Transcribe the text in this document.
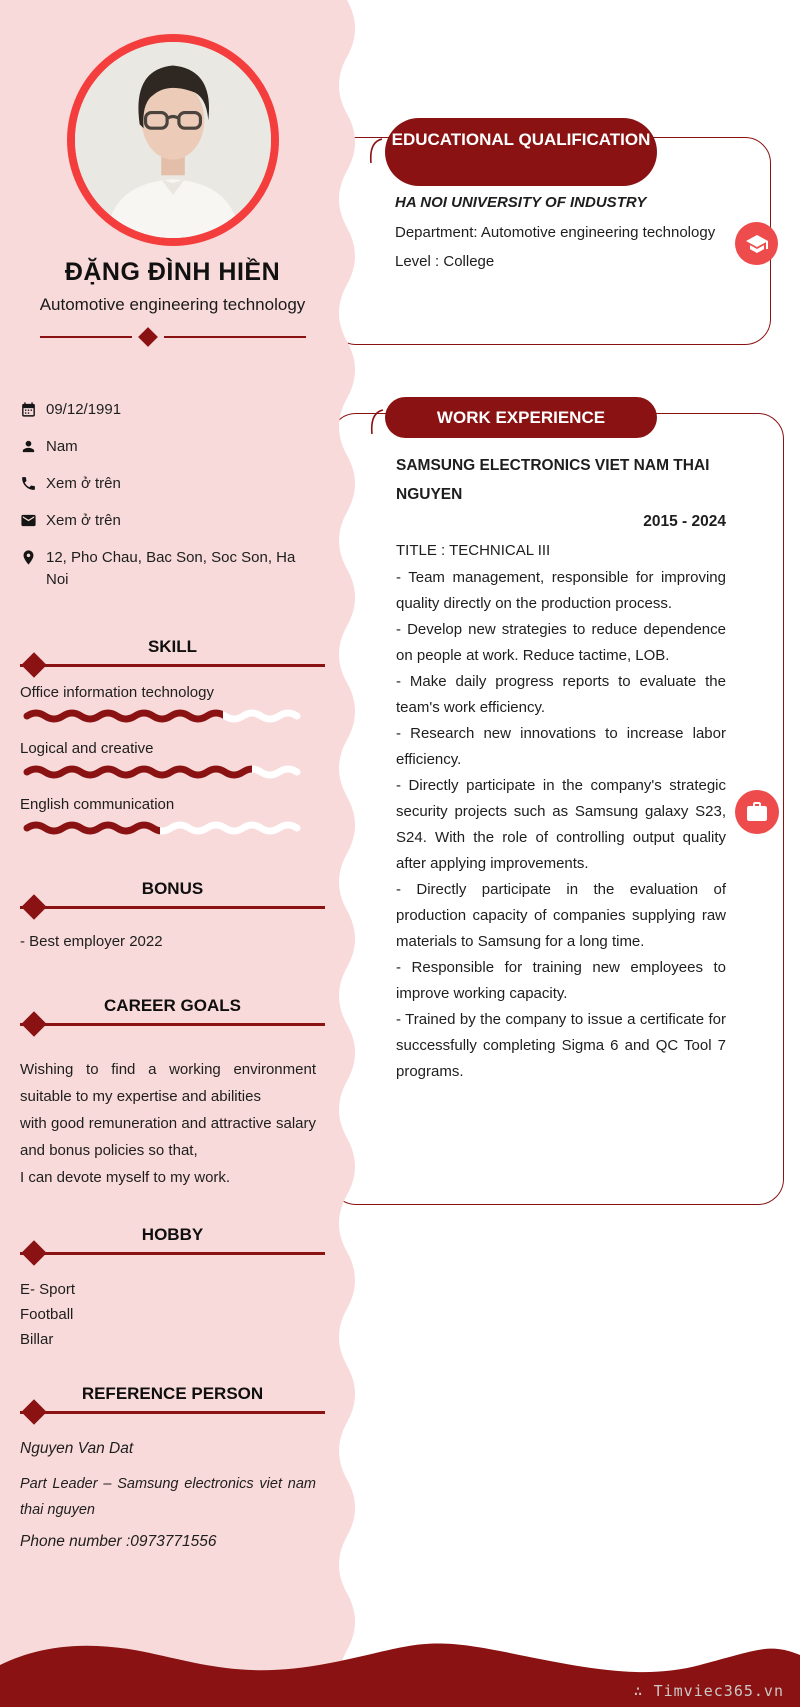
EDUCATIONAL QUALIFICATION
HA NOI UNIVERSITY OF INDUSTRY
Department: Automotive engineering technology
Level : College
WORK EXPERIENCE
SAMSUNG ELECTRONICS VIET NAM THAI NGUYEN
2015 - 2024
TITLE : TECHNICAL III
- Team management, responsible for improving quality directly on the production process.
- Develop new strategies to reduce dependence on people at work. Reduce tactime, LOB.
- Make daily progress reports to evaluate the team's work efficiency.
- Research new innovations to increase labor efficiency.
- Directly participate in the company's strategic security projects such as Samsung galaxy S23, S24. With the role of controlling output quality after applying improvements.
- Directly participate in the evaluation of production capacity of companies supplying raw materials to Samsung for a long time.
- Responsible for training new employees to improve working capacity.
- Trained by the company to issue a certificate for successfully completing Sigma 6 and QC Tool 7 programs.
ĐẶNG ĐÌNH HIỀN
Automotive engineering technology
09/12/1991
Nam
Xem ở trên
Xem ở trên
12, Pho Chau, Bac Son, Soc Son, Ha Noi
SKILL
Office information technology
Logical and creative
English communication
BONUS
- Best employer 2022
CAREER GOALS
Wishing to find a working environment suitable to my expertise and abilities
with good remuneration and attractive salary and bonus policies so that,
I can devote myself to my work.
HOBBY
E- Sport
Football
Billar
REFERENCE PERSON
Nguyen Van Dat
Part Leader – Samsung electronics viet nam thai nguyen
Phone number :0973771556
∴ Timviec365.vn
